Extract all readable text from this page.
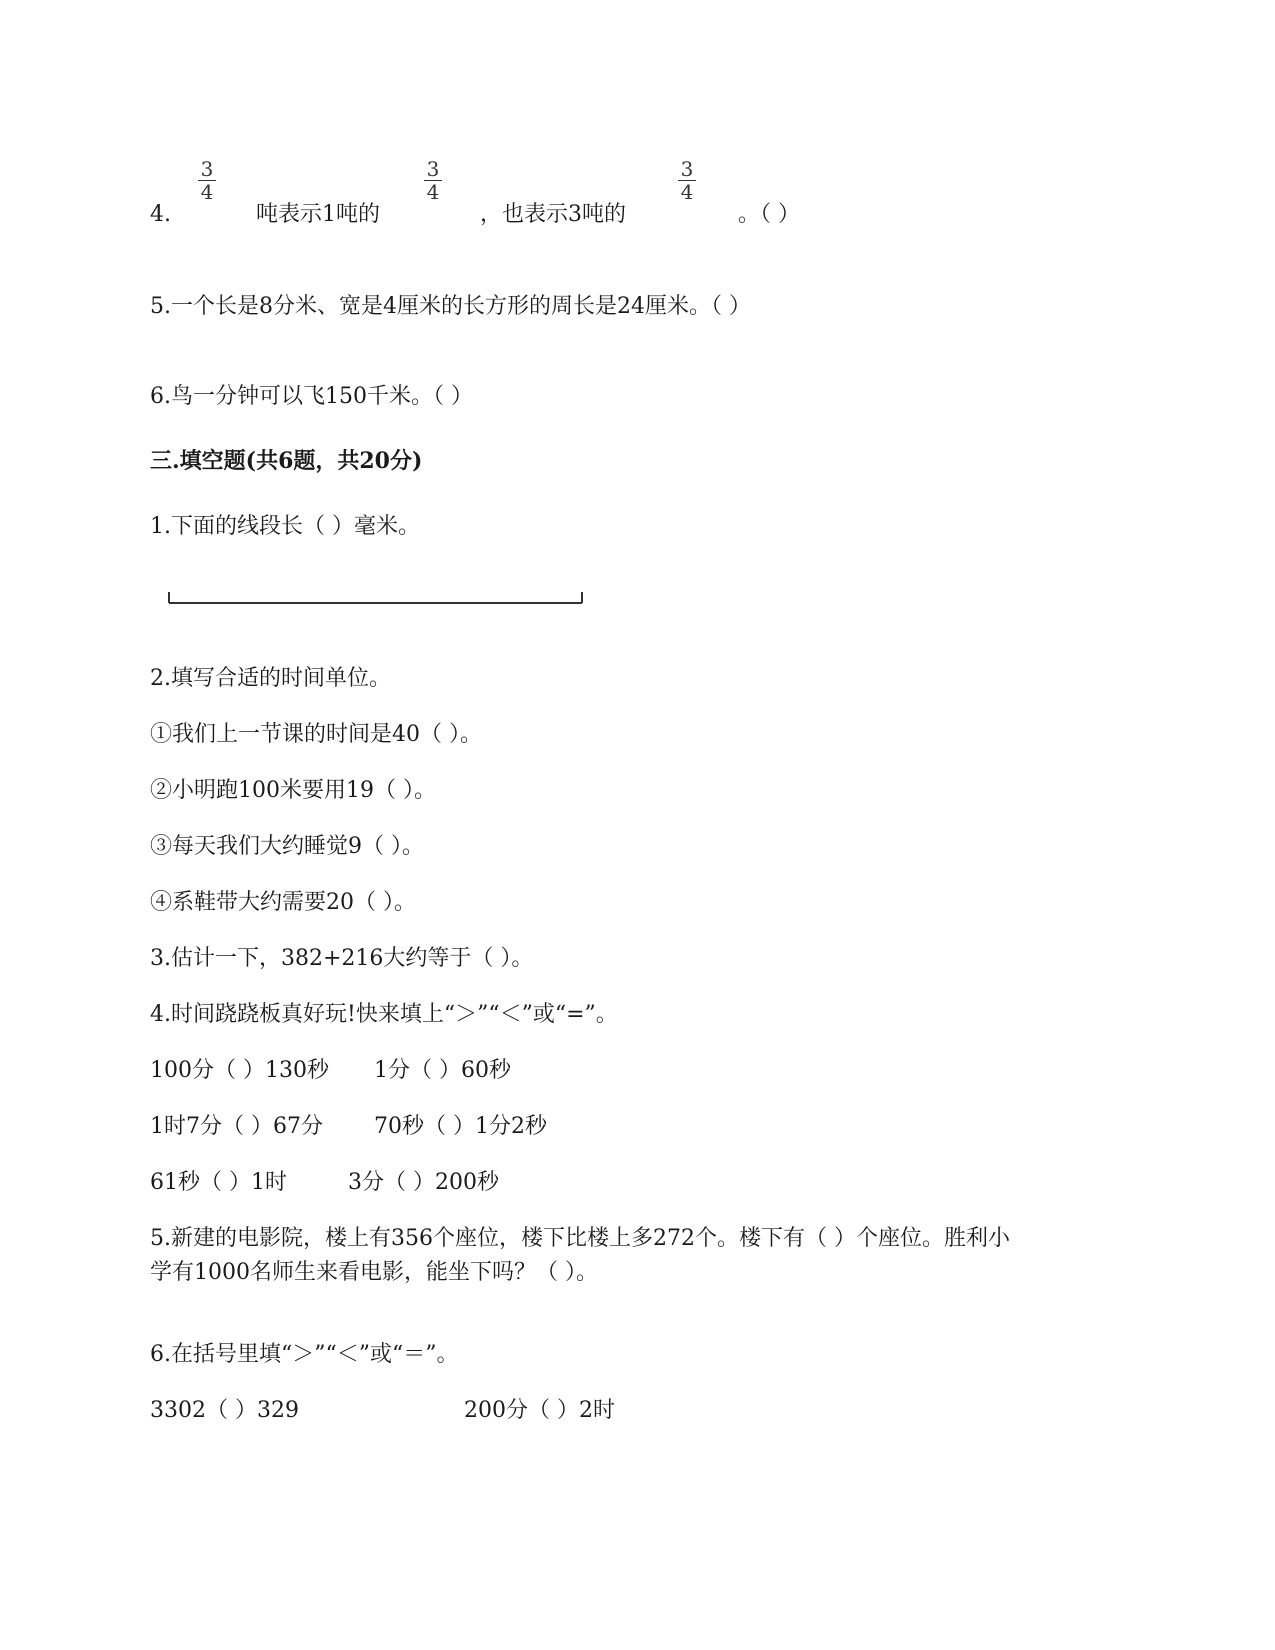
4.
3
4
吨表示1吨的
3
4
，也表示3吨的
3
4
。（ ）
5.一个长是8分米、宽是4厘米的长方形的周长是24厘米。（ ）
6.鸟一分钟可以飞150千米。（ ）
三.填空题(共6题，共20分)
1.下面的线段长（ ）毫米。
2.填写合适的时间单位。
①我们上一节课的时间是40（ ）。
②小明跑100米要用19（ ）。
③每天我们大约睡觉9（ ）。
④系鞋带大约需要20（ ）。
3.估计一下，382+216大约等于（ ）。
4.时间跷跷板真好玩!快来填上“＞”“＜”或“=”。
100分（ ）130秒 1分（ ）60秒
1时7分（ ）67分 70秒（ ）1分2秒
61秒（ ）1时	3分（ ）200秒
5.新建的电影院，楼上有356个座位，楼下比楼上多272个。楼下有（ ）个座位。胜利小
学有1000名师生来看电影，能坐下吗？（ ）。
6.在括号里填“＞”“＜”或“＝”。
3302（ ）329	200分（ ）2时
